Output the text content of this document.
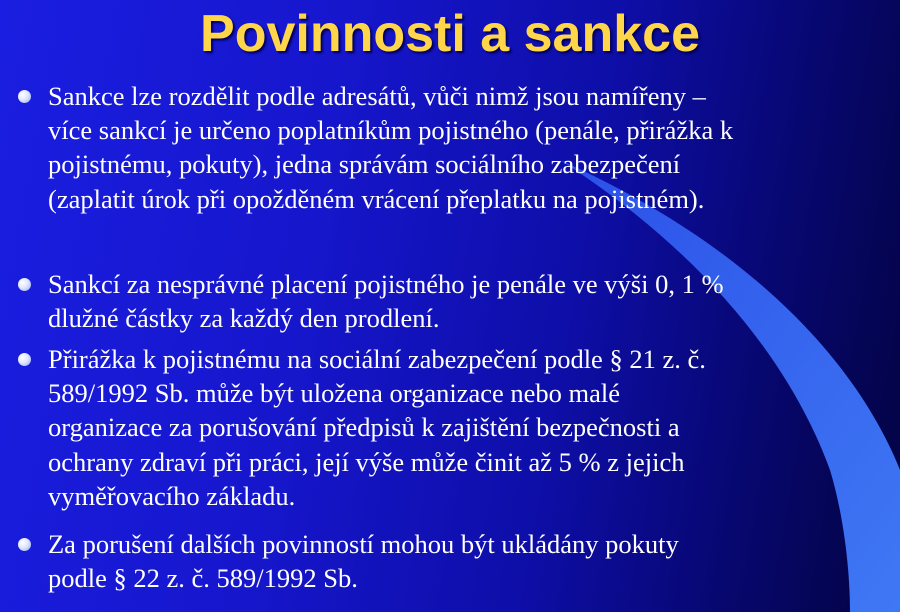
Povinnosti a sankce
Sankce lze rozdělit podle adresátů, vůči nimž jsou namířeny –
více sankcí je určeno poplatníkům pojistného (penále, přirážka k
pojistnému, pokuty), jedna správám sociálního zabezpečení
(zaplatit úrok při opožděném vrácení přeplatku na pojistném).
Sankcí za nesprávné placení pojistného je penále ve výši 0, 1 %
dlužné částky za každý den prodlení.
Přirážka k pojistnému na sociální zabezpečení podle § 21 z. č.
589/1992 Sb. může být uložena organizace nebo malé
organizace za porušování předpisů k zajištění bezpečnosti a
ochrany zdraví při práci, její výše může činit až 5 % z jejich
vyměřovacího základu.
Za porušení dalších povinností mohou být ukládány pokuty
podle § 22 z. č. 589/1992 Sb.
